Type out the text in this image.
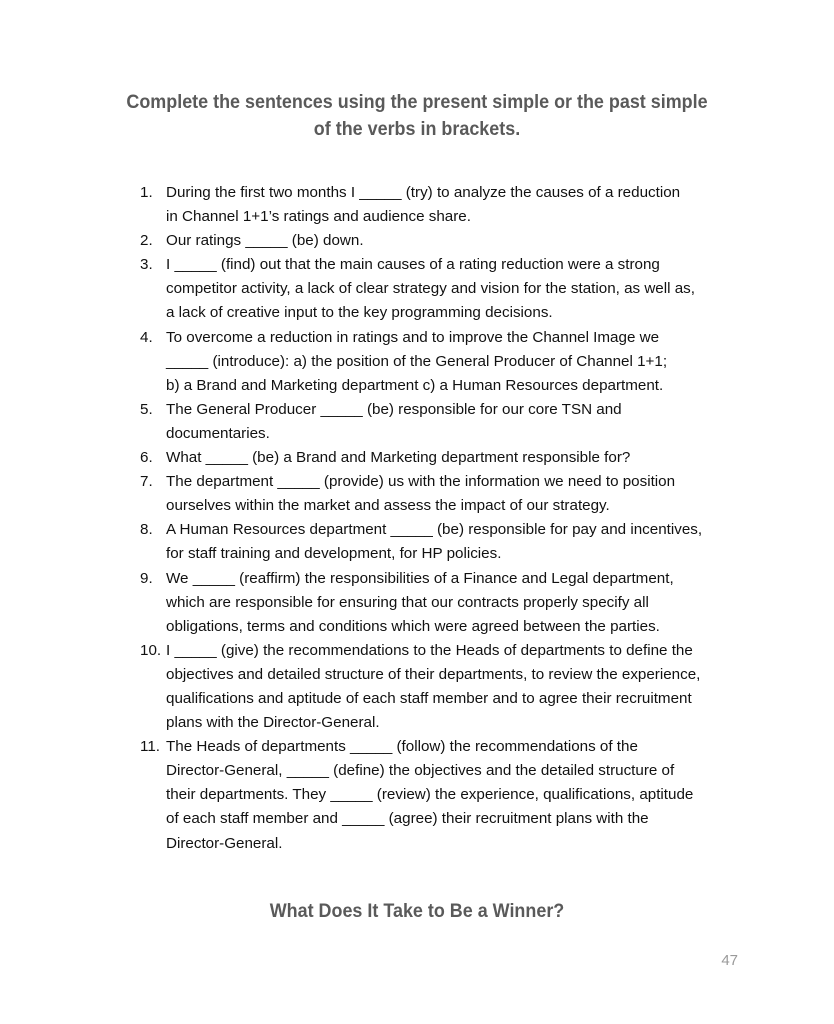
Complete the sentences using the present simple or the past simple
of the verbs in brackets.
1. During the first two months I _____ (try) to analyze the causes of a reduction
in Channel 1+1’s ratings and audience share.
2. Our ratings _____ (be) down.
3. I _____ (find) out that the main causes of a rating reduction were a strong
competitor activity, a lack of clear strategy and vision for the station, as well as,
a lack of creative input to the key programming decisions.
4. To overcome a reduction in ratings and to improve the Channel Image we
_____ (introduce): a) the position of the General Producer of Channel 1+1;
b) a Brand and Marketing department c) a Human Resources department.
5. The General Producer _____ (be) responsible for our core TSN and
documentaries.
6. What _____ (be) a Brand and Marketing department responsible for?
7. The department _____ (provide) us with the information we need to position
ourselves within the market and assess the impact of our strategy.
8. A Human Resources department _____ (be) responsible for pay and incentives,
for staff training and development, for HP policies.
9. We _____ (reaffirm) the responsibilities of a Finance and Legal department,
which are responsible for ensuring that our contracts properly specify all
obligations, terms and conditions which were agreed between the parties.
10. I _____ (give) the recommendations to the Heads of departments to define the
objectives and detailed structure of their departments, to review the experience,
qualifications and aptitude of each staff member and to agree their recruitment
plans with the Director-General.
11. The Heads of departments _____ (follow) the recommendations of the
Director-General, _____ (define) the objectives and the detailed structure of
their departments. They _____ (review) the experience, qualifications, aptitude
of each staff member and _____ (agree) their recruitment plans with the
Director-General.
What Does It Take to Be a Winner?
47
